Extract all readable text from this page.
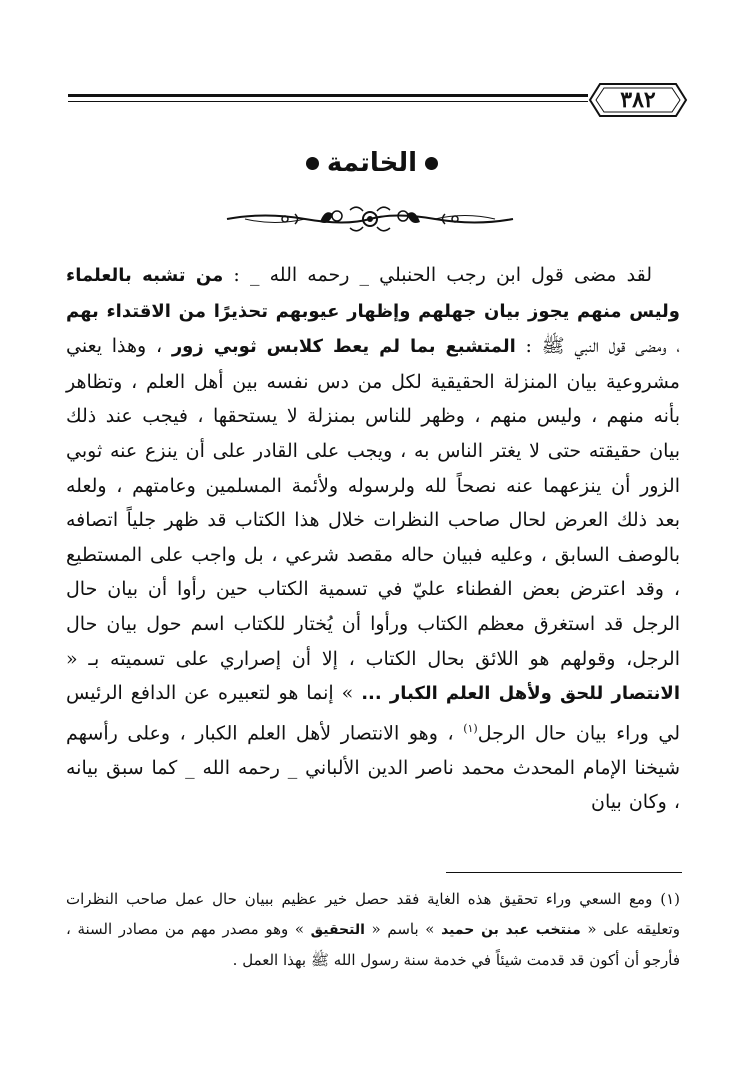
٣٨٢
الخاتمة

لقد مضى قول ابن رجب الحنبلي _ رحمه الله _ : من تشبه بالعلماء وليس منهم يجوز بيان جهلهم وإظهار عيوبهم تحذيرًا من الاقتداء بهم ، ومضى قول النبي ﷺ : المتشبع بما لم يعط كلابس ثوبي زور ، وهذا يعني مشروعية بيان المنزلة الحقيقية لكل من دس نفسه بين أهل العلم ، وتظاهر بأنه منهم ، وليس منهم ، وظهر للناس بمنزلة لا يستحقها ، فيجب عند ذلك بيان حقيقته حتى لا يغتر الناس به ، ويجب على القادر على أن ينزع عنه ثوبي الزور أن ينزعهما عنه نصحاً لله ولرسوله ولأئمة المسلمين وعامتهم ، ولعله بعد ذلك العرض لحال صاحب النظرات خلال هذا الكتاب قد ظهر جلياً اتصافه بالوصف السابق ، وعليه فبيان حاله مقصد شرعي ، بل واجب على المستطيع ، وقد اعترض بعض الفطناء عليّ في تسمية الكتاب حين رأوا أن بيان حال الرجل قد استغرق معظم الكتاب ورأوا أن يُختار للكتاب اسم حول بيان حال الرجل، وقولهم هو اللائق بحال الكتاب ، إلا أن إصراري على تسميته بـ « الانتصار للحق ولأهل العلم الكبار ... » إنما هو لتعبيره عن الدافع الرئيس لي وراء بيان حال الرجل$^{(١)}$ ، وهو الانتصار لأهل العلم الكبار ، وعلى رأسهم شيخنا الإمام المحدث محمد ناصر الدين الألباني _ رحمه الله _ كما سبق بيانه ، وكان بيان

(١) ومع السعي وراء تحقيق هذه الغاية فقد حصل خير عظيم ببيان حال عمل صاحب النظرات وتعليقه على « منتخب عبد بن حميد » باسم « التحقيق » وهو مصدر مهم من مصادر السنة ، فأرجو أن أكون قد قدمت شيئاً في خدمة سنة رسول الله ﷺ بهذا العمل .
